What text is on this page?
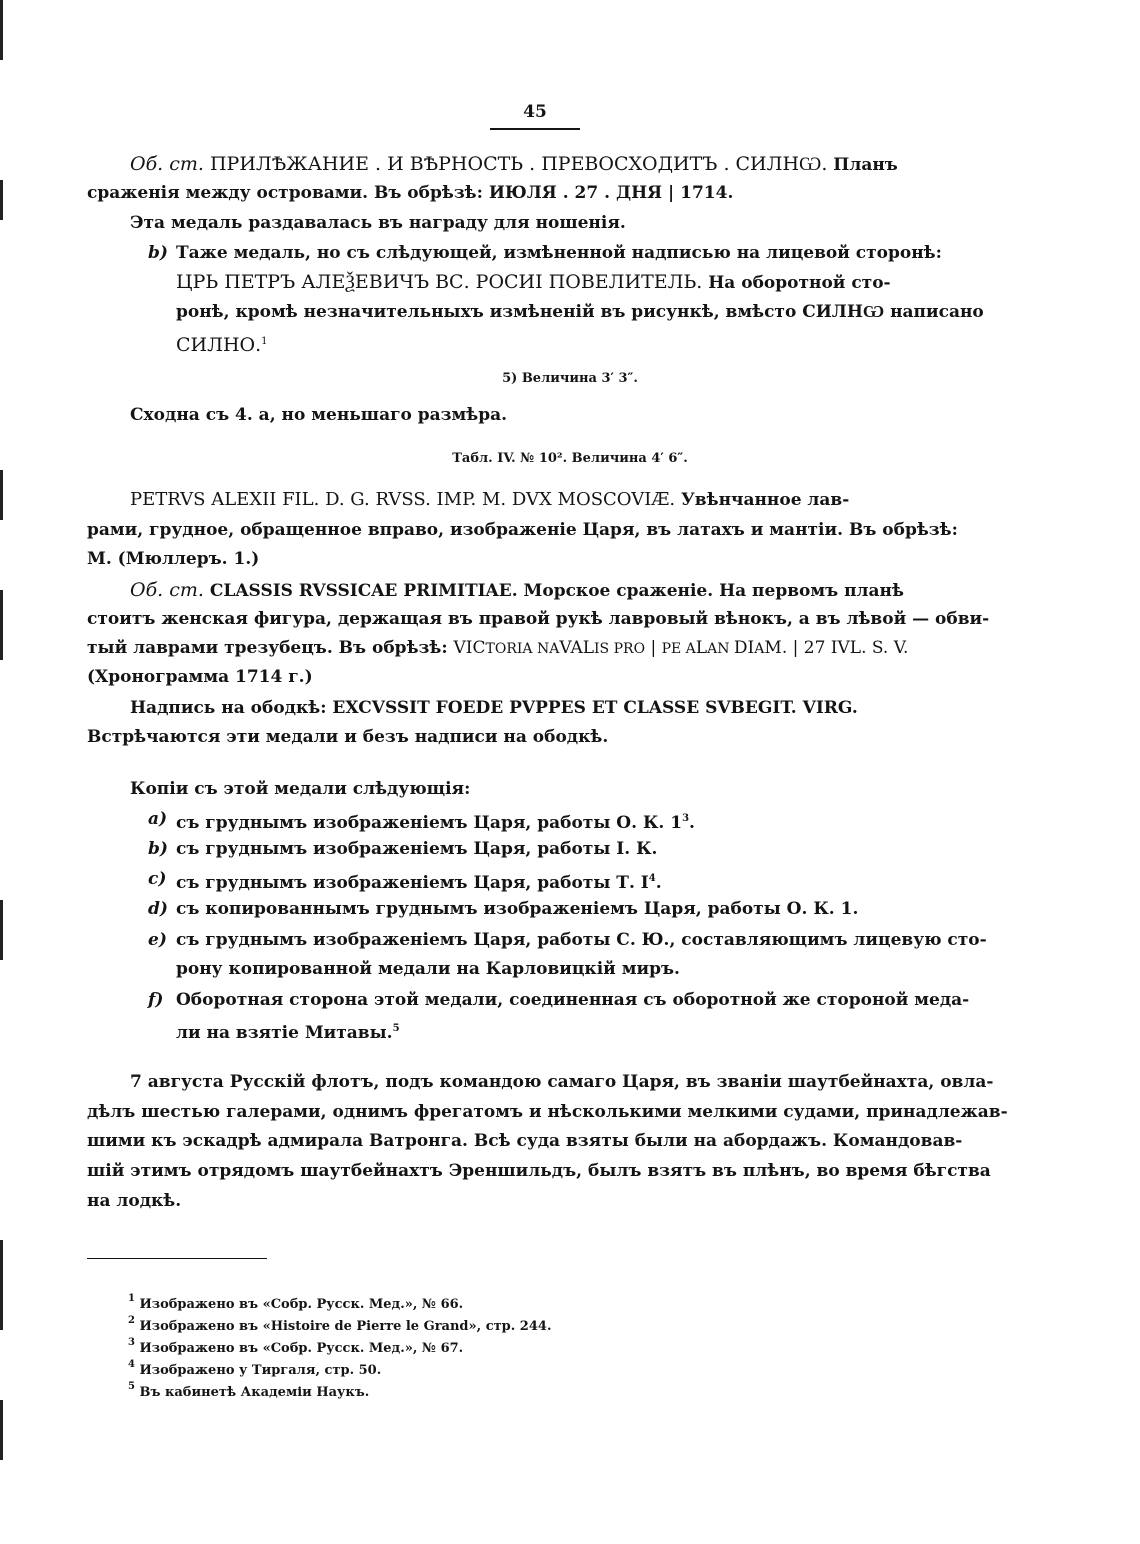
45
Об. ст. ПРИЛѢЖАНИЕ . И ВѢРНОСТЬ . ПРЕВОСХОДИТЪ . СИЛНѠ. Планъ
сраженія между островами. Въ обрѣзѣ: ИЮЛЯ . 27 . ДНЯ | 1714.
Эта медаль раздавалась въ награду для ношенія.
b) Таже медаль, но съ слѣдующей, измѣненной надписью на лицевой сторонѣ:
ЦРЬ ПЕТРЪ АЛЕѮЕВИЧЪ ВС. РОСИІ ПОВЕЛИТЕЛЬ. На оборотной сто-
ронѣ, кромѣ незначительныхъ измѣненій въ рисункѣ, вмѣсто СИЛНѠ написано
СИЛНО.$^1$
5) Величина 3′ 3″.
Сходна съ 4. а, но меньшаго размѣра.
Табл. IV. № 10². Величина 4′ 6″.
PETRVS ALEXII FIL. D. G. RVSS. IMP. M. DVX MOSCOVIÆ. Увѣнчанное лав-
рами, грудное, обращенное вправо, изображеніе Царя, въ латахъ и мантіи. Въ обрѣзѣ:
М. (Мюллеръ. 1.)
Об. ст. CLASSIS RVSSICAE PRIMITIAE. Морское сраженіе. На первомъ планѣ
стоитъ женская фигура, держащая въ правой рукѣ лавровый вѣнокъ, а въ лѣвой — обви-
тый лаврами трезубецъ. Въ обрѣзѣ: VICTORIA NAVALIS PRO | PE ALAN DIAM. | 27 IVL. S. V.
(Хронограмма 1714 г.)
Надпись на ободкѣ: EXCVSSIT FOEDE PVPPES ET CLASSE SVBEGIT. VIRG.
Встрѣчаются эти медали и безъ надписи на ободкѣ.
Копіи съ этой медали слѣдующія:
a) съ груднымъ изображеніемъ Царя, работы О. К. $1^3$.
b) съ груднымъ изображеніемъ Царя, работы І. К.
c) съ груднымъ изображеніемъ Царя, работы Т. $І^4$.
d) съ копированнымъ груднымъ изображеніемъ Царя, работы О. К. 1.
e) съ груднымъ изображеніемъ Царя, работы С. Ю., составляющимъ лицевую сто-
рону копированной медали на Карловицкій миръ.
f) Оборотная сторона этой медали, соединенная съ оборотной же стороной меда-
ли на взятіе Митавы.$^5$
7 августа Русскій флотъ, подъ командою самаго Царя, въ званіи шаутбейнахта, овла-
дѣлъ шестью галерами, однимъ фрегатомъ и нѣсколькими мелкими судами, принадлежав-
шими къ эскадрѣ адмирала Ватронга. Всѣ суда взяты были на абордажъ. Командовав-
шій этимъ отрядомъ шаутбейнахтъ Эреншильдъ, былъ взятъ въ плѣнъ, во время бѣгства
на лодкѣ.
$^1$ Изображено въ «Собр. Русск. Мед.», № 66.
$^2$ Изображено въ «Histoire de Pierre le Grand», стр. 244.
$^3$ Изображено въ «Собр. Русск. Мед.», № 67.
$^4$ Изображено у Тиргаля, стр. 50.
$^5$ Въ кабинетѣ Академіи Наукъ.
